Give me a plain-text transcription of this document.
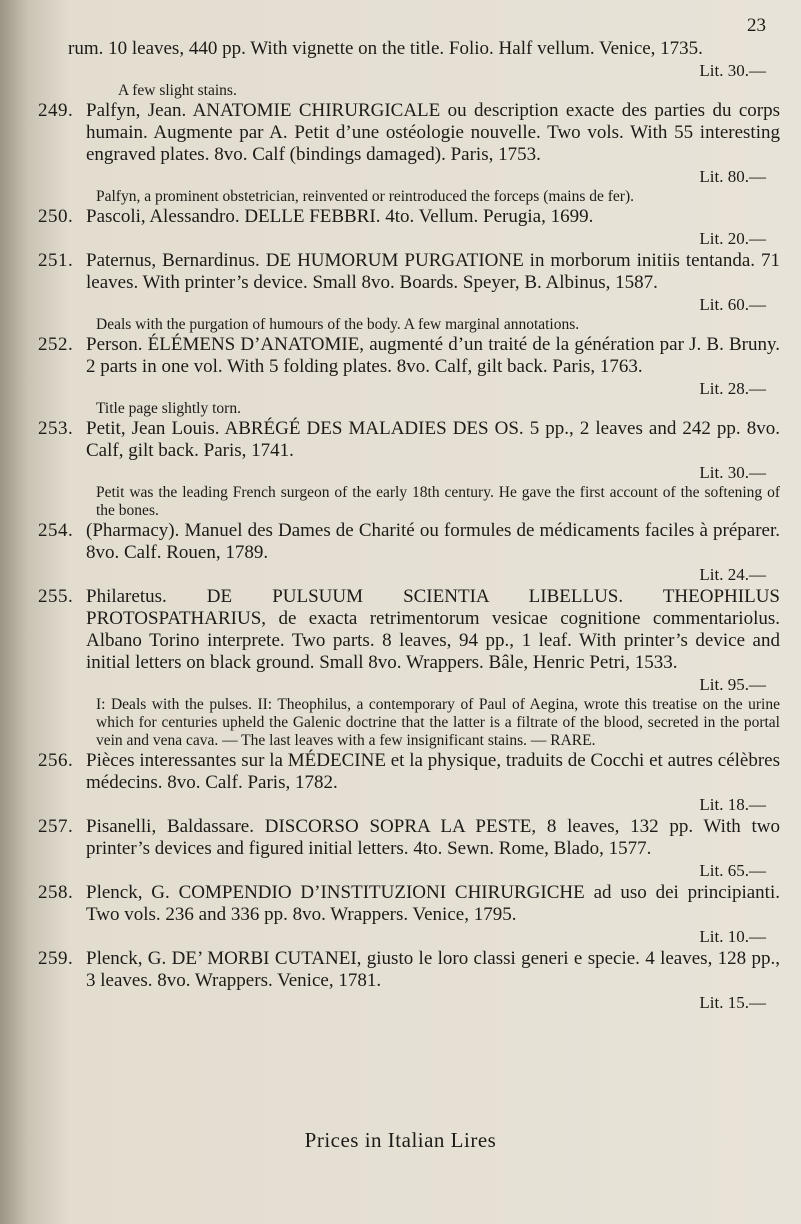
23
rum. 10 leaves, 440 pp. With vignette on the title. Folio. Half vellum. Venice, 1735.
Lit. 30.—
A few slight stains.
249. Palfyn, Jean. ANATOMIE CHIRURGICALE ou description exacte des parties du corps humain. Augmente par A. Petit d’une ostéologie nouvelle. Two vols. With 55 interesting engraved plates. 8vo. Calf (bindings damaged). Paris, 1753.
Lit. 80.—
Palfyn, a prominent obstetrician, reinvented or reintroduced the forceps (mains de fer).
250. Pascoli, Alessandro. DELLE FEBBRI. 4to. Vellum. Perugia, 1699.
Lit. 20.—
251. Paternus, Bernardinus. DE HUMORUM PURGATIONE in morborum initiis tentanda. 71 leaves. With printer’s device. Small 8vo. Boards. Speyer, B. Albinus, 1587.
Lit. 60.—
Deals with the purgation of humours of the body. A few marginal annotations.
252. Person. ÉLÉMENS D’ANATOMIE, augmenté d’un traité de la génération par J. B. Bruny. 2 parts in one vol. With 5 folding plates. 8vo. Calf, gilt back. Paris, 1763.
Lit. 28.—
Title page slightly torn.
253. Petit, Jean Louis. ABRÉGÉ DES MALADIES DES OS. 5 pp., 2 leaves and 242 pp. 8vo. Calf, gilt back. Paris, 1741.
Lit. 30.—
Petit was the leading French surgeon of the early 18th century. He gave the first account of the softening of the bones.
254. (Pharmacy). Manuel des Dames de Charité ou formules de médicaments faciles à préparer. 8vo. Calf. Rouen, 1789.
Lit. 24.—
255. Philaretus. DE PULSUUM SCIENTIA LIBELLUS. THEOPHILUS PROTOSPATHARIUS, de exacta retrimentorum vesicae cognitione commentariolus. Albano Torino interprete. Two parts. 8 leaves, 94 pp., 1 leaf. With printer’s device and initial letters on black ground. Small 8vo. Wrappers. Bâle, Henric Petri, 1533.
Lit. 95.—
I: Deals with the pulses. II: Theophilus, a contemporary of Paul of Aegina, wrote this treatise on the urine which for centuries upheld the Galenic doctrine that the latter is a filtrate of the blood, secreted in the portal vein and vena cava. — The last leaves with a few insignificant stains. — RARE.
256. Pièces interessantes sur la MÉDECINE et la physique, traduits de Cocchi et autres célèbres médecins. 8vo. Calf. Paris, 1782.
Lit. 18.—
257. Pisanelli, Baldassare. DISCORSO SOPRA LA PESTE, 8 leaves, 132 pp. With two printer’s devices and figured initial letters. 4to. Sewn. Rome, Blado, 1577.
Lit. 65.—
258. Plenck, G. COMPENDIO D’INSTITUZIONI CHIRURGICHE ad uso dei principianti. Two vols. 236 and 336 pp. 8vo. Wrappers. Venice, 1795.
Lit. 10.—
259. Plenck, G. DE’ MORBI CUTANEI, giusto le loro classi generi e specie. 4 leaves, 128 pp., 3 leaves. 8vo. Wrappers. Venice, 1781.
Lit. 15.—
Prices in Italian Lires
